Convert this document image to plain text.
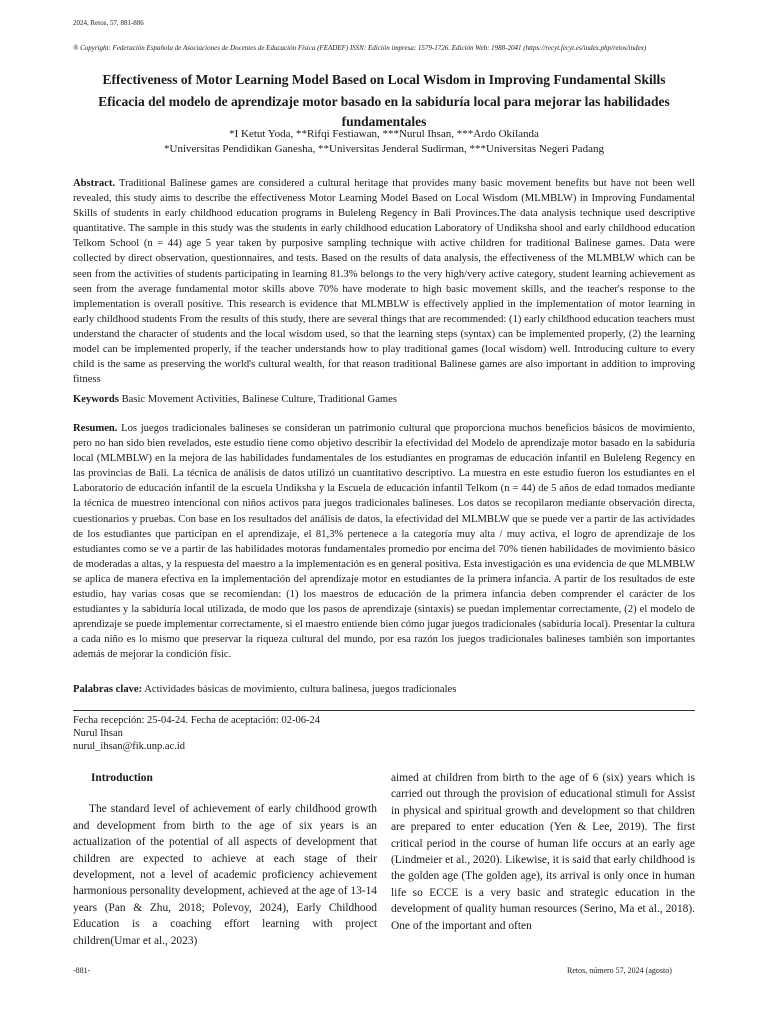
2024, Retos, 57, 881-886
® Copyright: Federación Española de Asociaciones de Docentes de Educación Física (FEADEF) ISSN: Edición impresa: 1579-1726. Edición Web: 1988-2041 (https://recyt.fecyt.es/index.php/retos/index)
Effectiveness of Motor Learning Model Based on Local Wisdom in Improving Fundamental Skills
Eficacia del modelo de aprendizaje motor basado en la sabiduría local para mejorar las habilidades fundamentales
*I Ketut Yoda, **Rifqi Festiawan, ***Nurul Ihsan, ***Ardo Okilanda
*Universitas Pendidikan Ganesha, **Universitas Jenderal Sudirman, ***Universitas Negeri Padang
Abstract. Traditional Balinese games are considered a cultural heritage that provides many basic movement benefits but have not been well revealed, this study aims to describe the effectiveness Motor Learning Model Based on Local Wisdom (MLMBLW) in Improving Fundamental Skills of students in early childhood education programs in Buleleng Regency in Bali Provinces.The data analysis technique used descriptive quantitative. The sample in this study was the students in early childhood education Laboratory of Undiksha shool and early childhood education Telkom School (n = 44) age 5 year taken by purposive sampling technique with active children for traditional Balinese games. Data were collected by direct observation, questionnaires, and tests. Based on the results of data analysis, the effectiveness of the MLMBLW which can be seen from the activities of students participating in learning 81.3% belongs to the very high/very active category, student learning achievement as seen from the average fundamental motor skills above 70% have moderate to high basic movement skills, and the teacher's response to the implementation is overall positive. This research is evidence that MLMBLW is effectively applied in the implementation of motor learning in early childhood students From the results of this study, there are several things that are recommended: (1) early childhood education teachers must understand the character of students and the local wisdom used, so that the learning steps (syntax) can be implemented properly, (2) the learning model can be implemented properly, if the teacher understands how to play traditional games (local wisdom) well. Introducing culture to every child is the same as preserving the world's cultural wealth, for that reason traditional Balinese games are also important in addition to improving fitness
Keywords Basic Movement Activities, Balinese Culture, Traditional Games
Resumen. Los juegos tradicionales balineses se consideran un patrimonio cultural que proporciona muchos beneficios básicos de movimiento, pero no han sido bien revelados, este estudio tiene como objetivo describir la efectividad del Modelo de aprendizaje motor basado en la sabiduría local (MLMBLW) en la mejora de las habilidades fundamentales de los estudiantes en programas de educación infantil en Buleleng Regency en las provincias de Bali. La técnica de análisis de datos utilizó un cuantitativo descriptivo. La muestra en este estudio fueron los estudiantes en el Laboratorio de educación infantil de la escuela Undiksha y la Escuela de educación infantil Telkom (n = 44) de 5 años de edad tomados mediante la técnica de muestreo intencional con niños activos para juegos tradicionales balineses. Los datos se recopilaron mediante observación directa, cuestionarios y pruebas. Con base en los resultados del análisis de datos, la efectividad del MLMBLW que se puede ver a partir de las actividades de los estudiantes que participan en el aprendizaje, el 81,3% pertenece a la categoría muy alta / muy activa, el logro de aprendizaje de los estudiantes como se ve a partir de las habilidades motoras fundamentales promedio por encima del 70% tienen habilidades de movimiento básico de moderadas a altas, y la respuesta del maestro a la implementación es en general positiva. Esta investigación es una evidencia de que MLMBLW se aplica de manera efectiva en la implementación del aprendizaje motor en estudiantes de la primera infancia. A partir de los resultados de este estudio, hay varias cosas que se recomiendan: (1) los maestros de educación de la primera infancia deben comprender el carácter de los estudiantes y la sabiduría local utilizada, de modo que los pasos de aprendizaje (sintaxis) se puedan implementar correctamente, (2) el modelo de aprendizaje se puede implementar correctamente, si el maestro entiende bien cómo jugar juegos tradicionales (sabiduría local). Presentar la cultura a cada niño es lo mismo que preservar la riqueza cultural del mundo, por esa razón los juegos tradicionales balineses también son importantes además de mejorar la condición físic.
Palabras clave: Actividades básicas de movimiento, cultura balinesa, juegos tradicionales
Fecha recepción: 25-04-24. Fecha de aceptación: 02-06-24
Nurul Ihsan
nurul_ihsan@fik.unp.ac.id
Introduction
The standard level of achievement of early childhood growth and development from birth to the age of six years is an actualization of the potential of all aspects of development that children are expected to achieve at each stage of their development, not a level of academic proficiency achievement harmonious personality development, achieved at the age of 13-14 years (Pan & Zhu, 2018; Polevoy, 2024), Early Childhood Education is a coaching effort learning with project children(Umar et al., 2023)
aimed at children from birth to the age of 6 (six) years which is carried out through the provision of educational stimuli for Assist in physical and spiritual growth and development so that children are prepared to enter education (Yen & Lee, 2019). The first critical period in the course of human life occurs at an early age (Lindmeier et al., 2020). Likewise, it is said that early childhood is the golden age (The golden age), its arrival is only once in human life so ECCE is a very basic and strategic education in the development of quality human resources (Serino, Ma et al., 2018). One of the important and often
-881-	Retos, número 57, 2024 (agosto)
